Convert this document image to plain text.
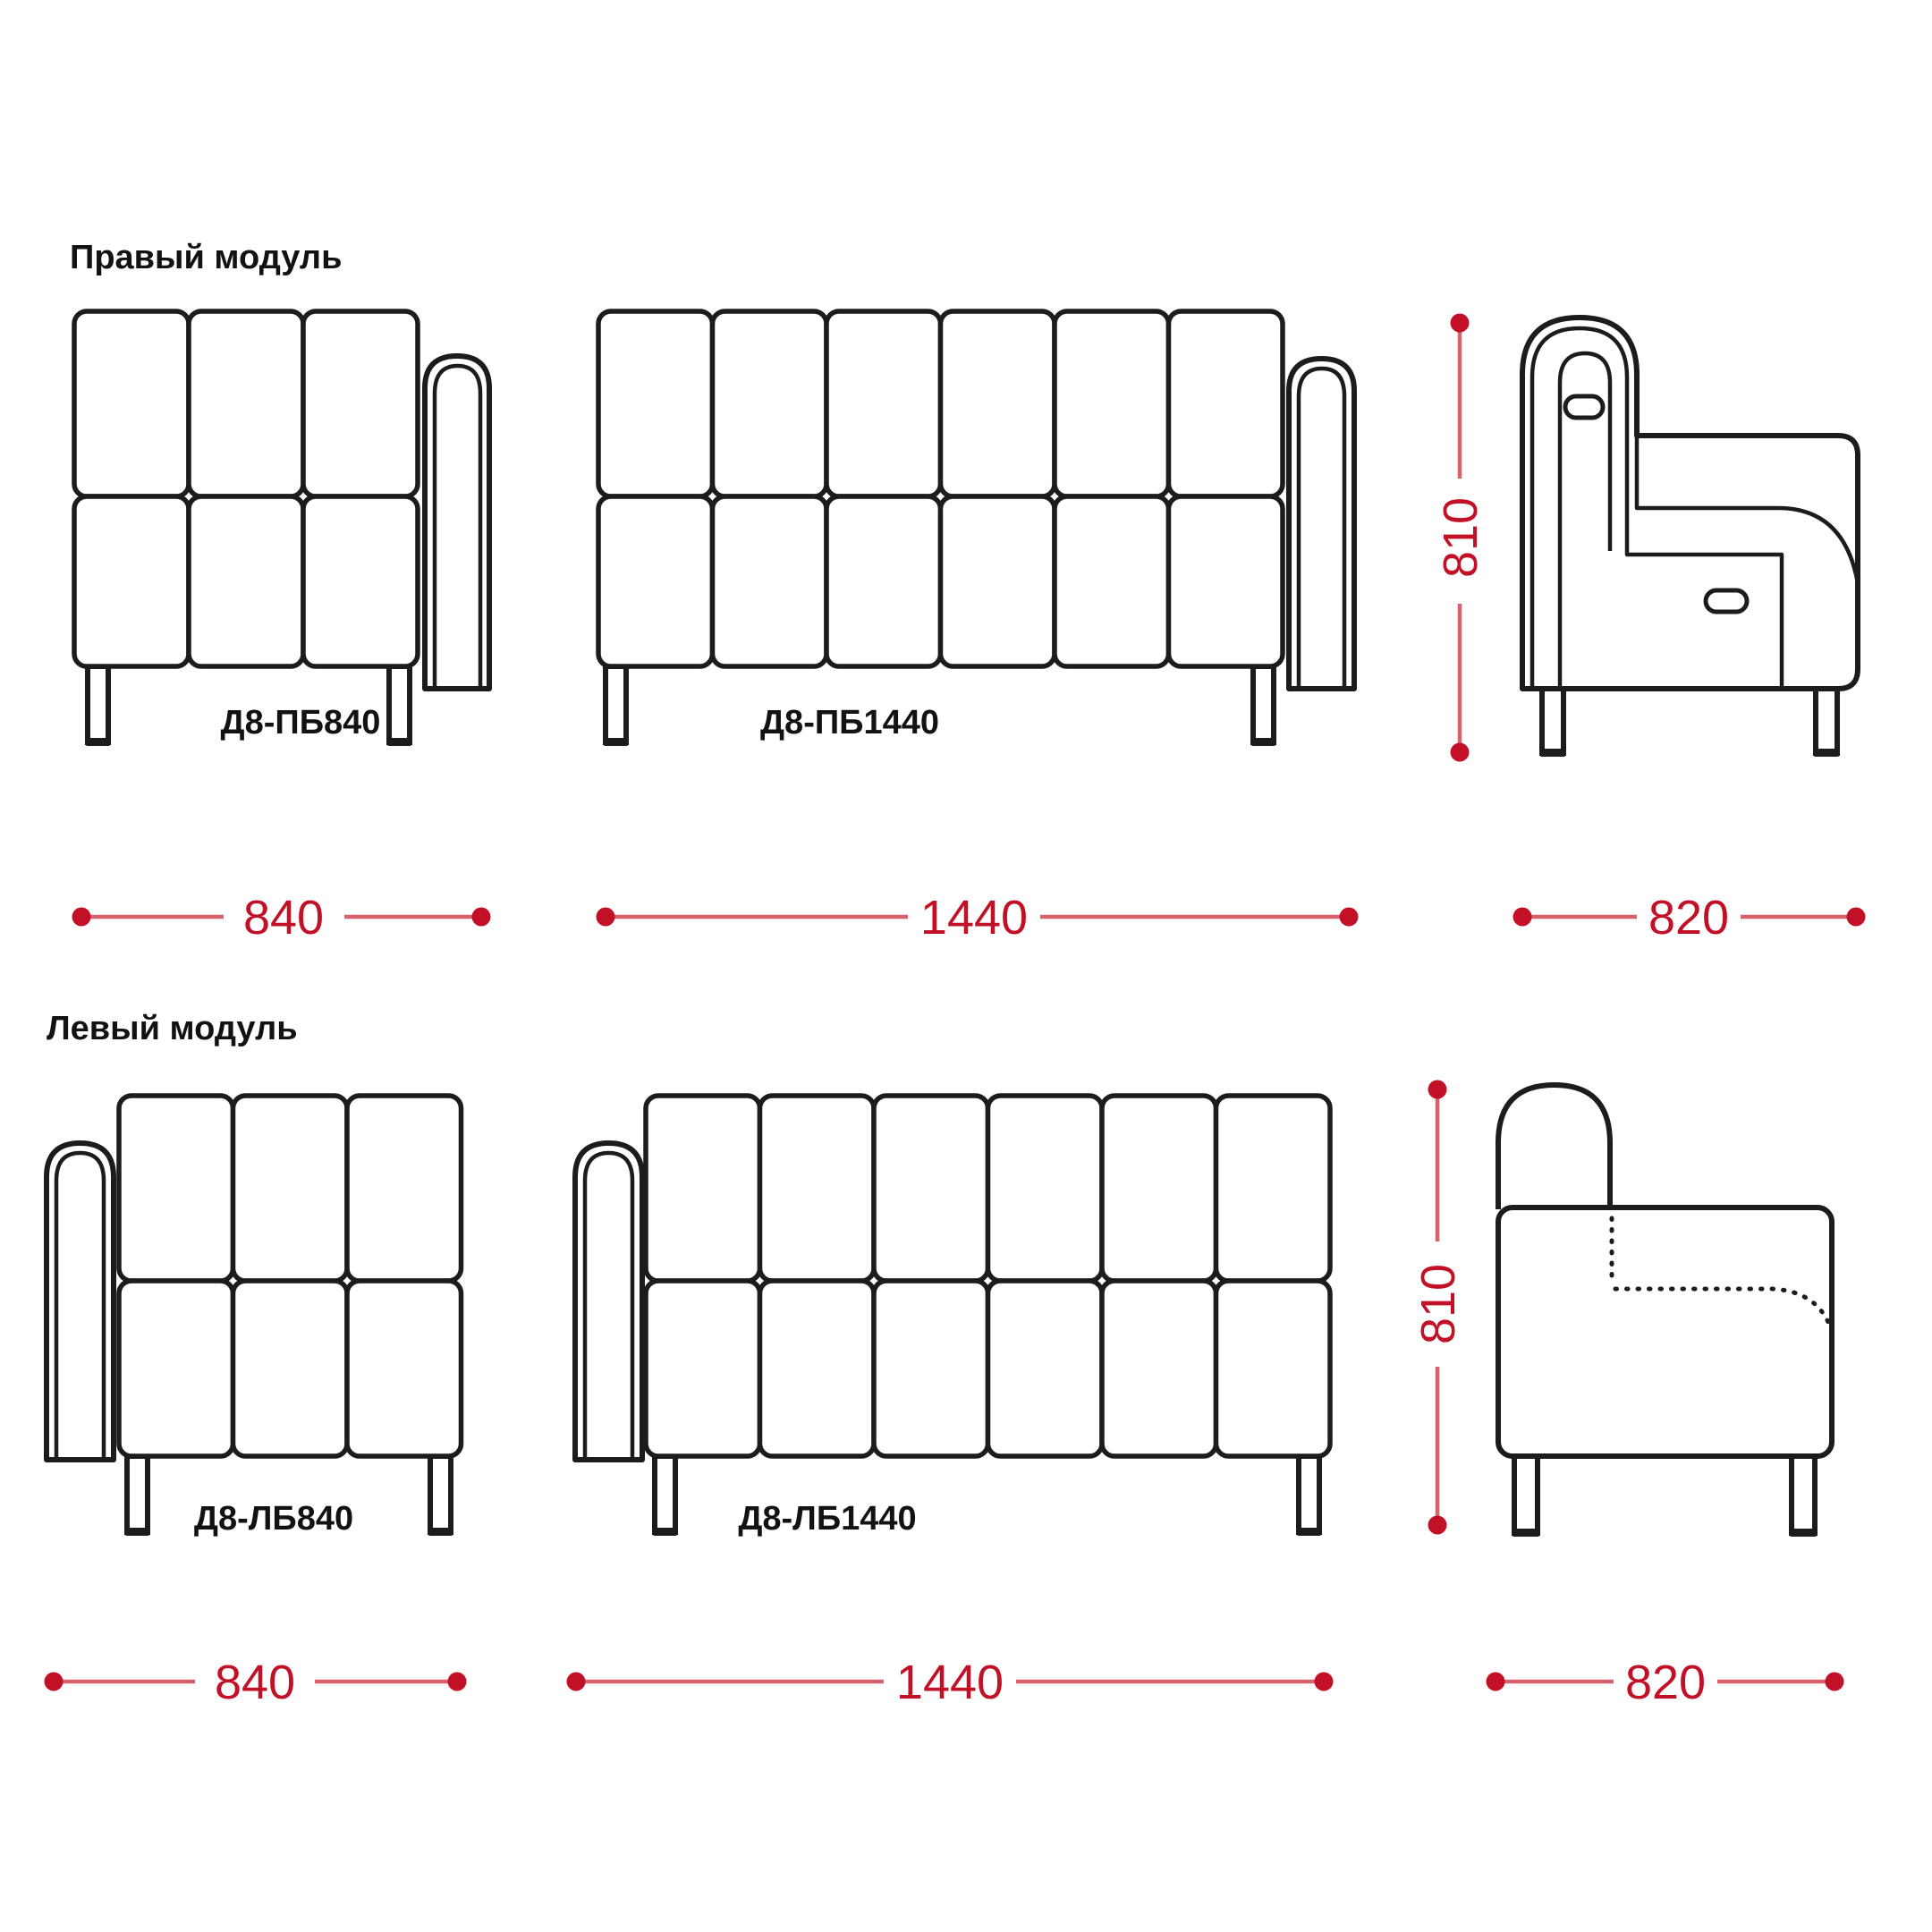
Правый модуль
Д8-ПБ840	Д8-ПБ1440
840	1440	820
810
Левый модуль
Д8-ЛБ840	Д8-ЛБ1440
840	1440	820
810
